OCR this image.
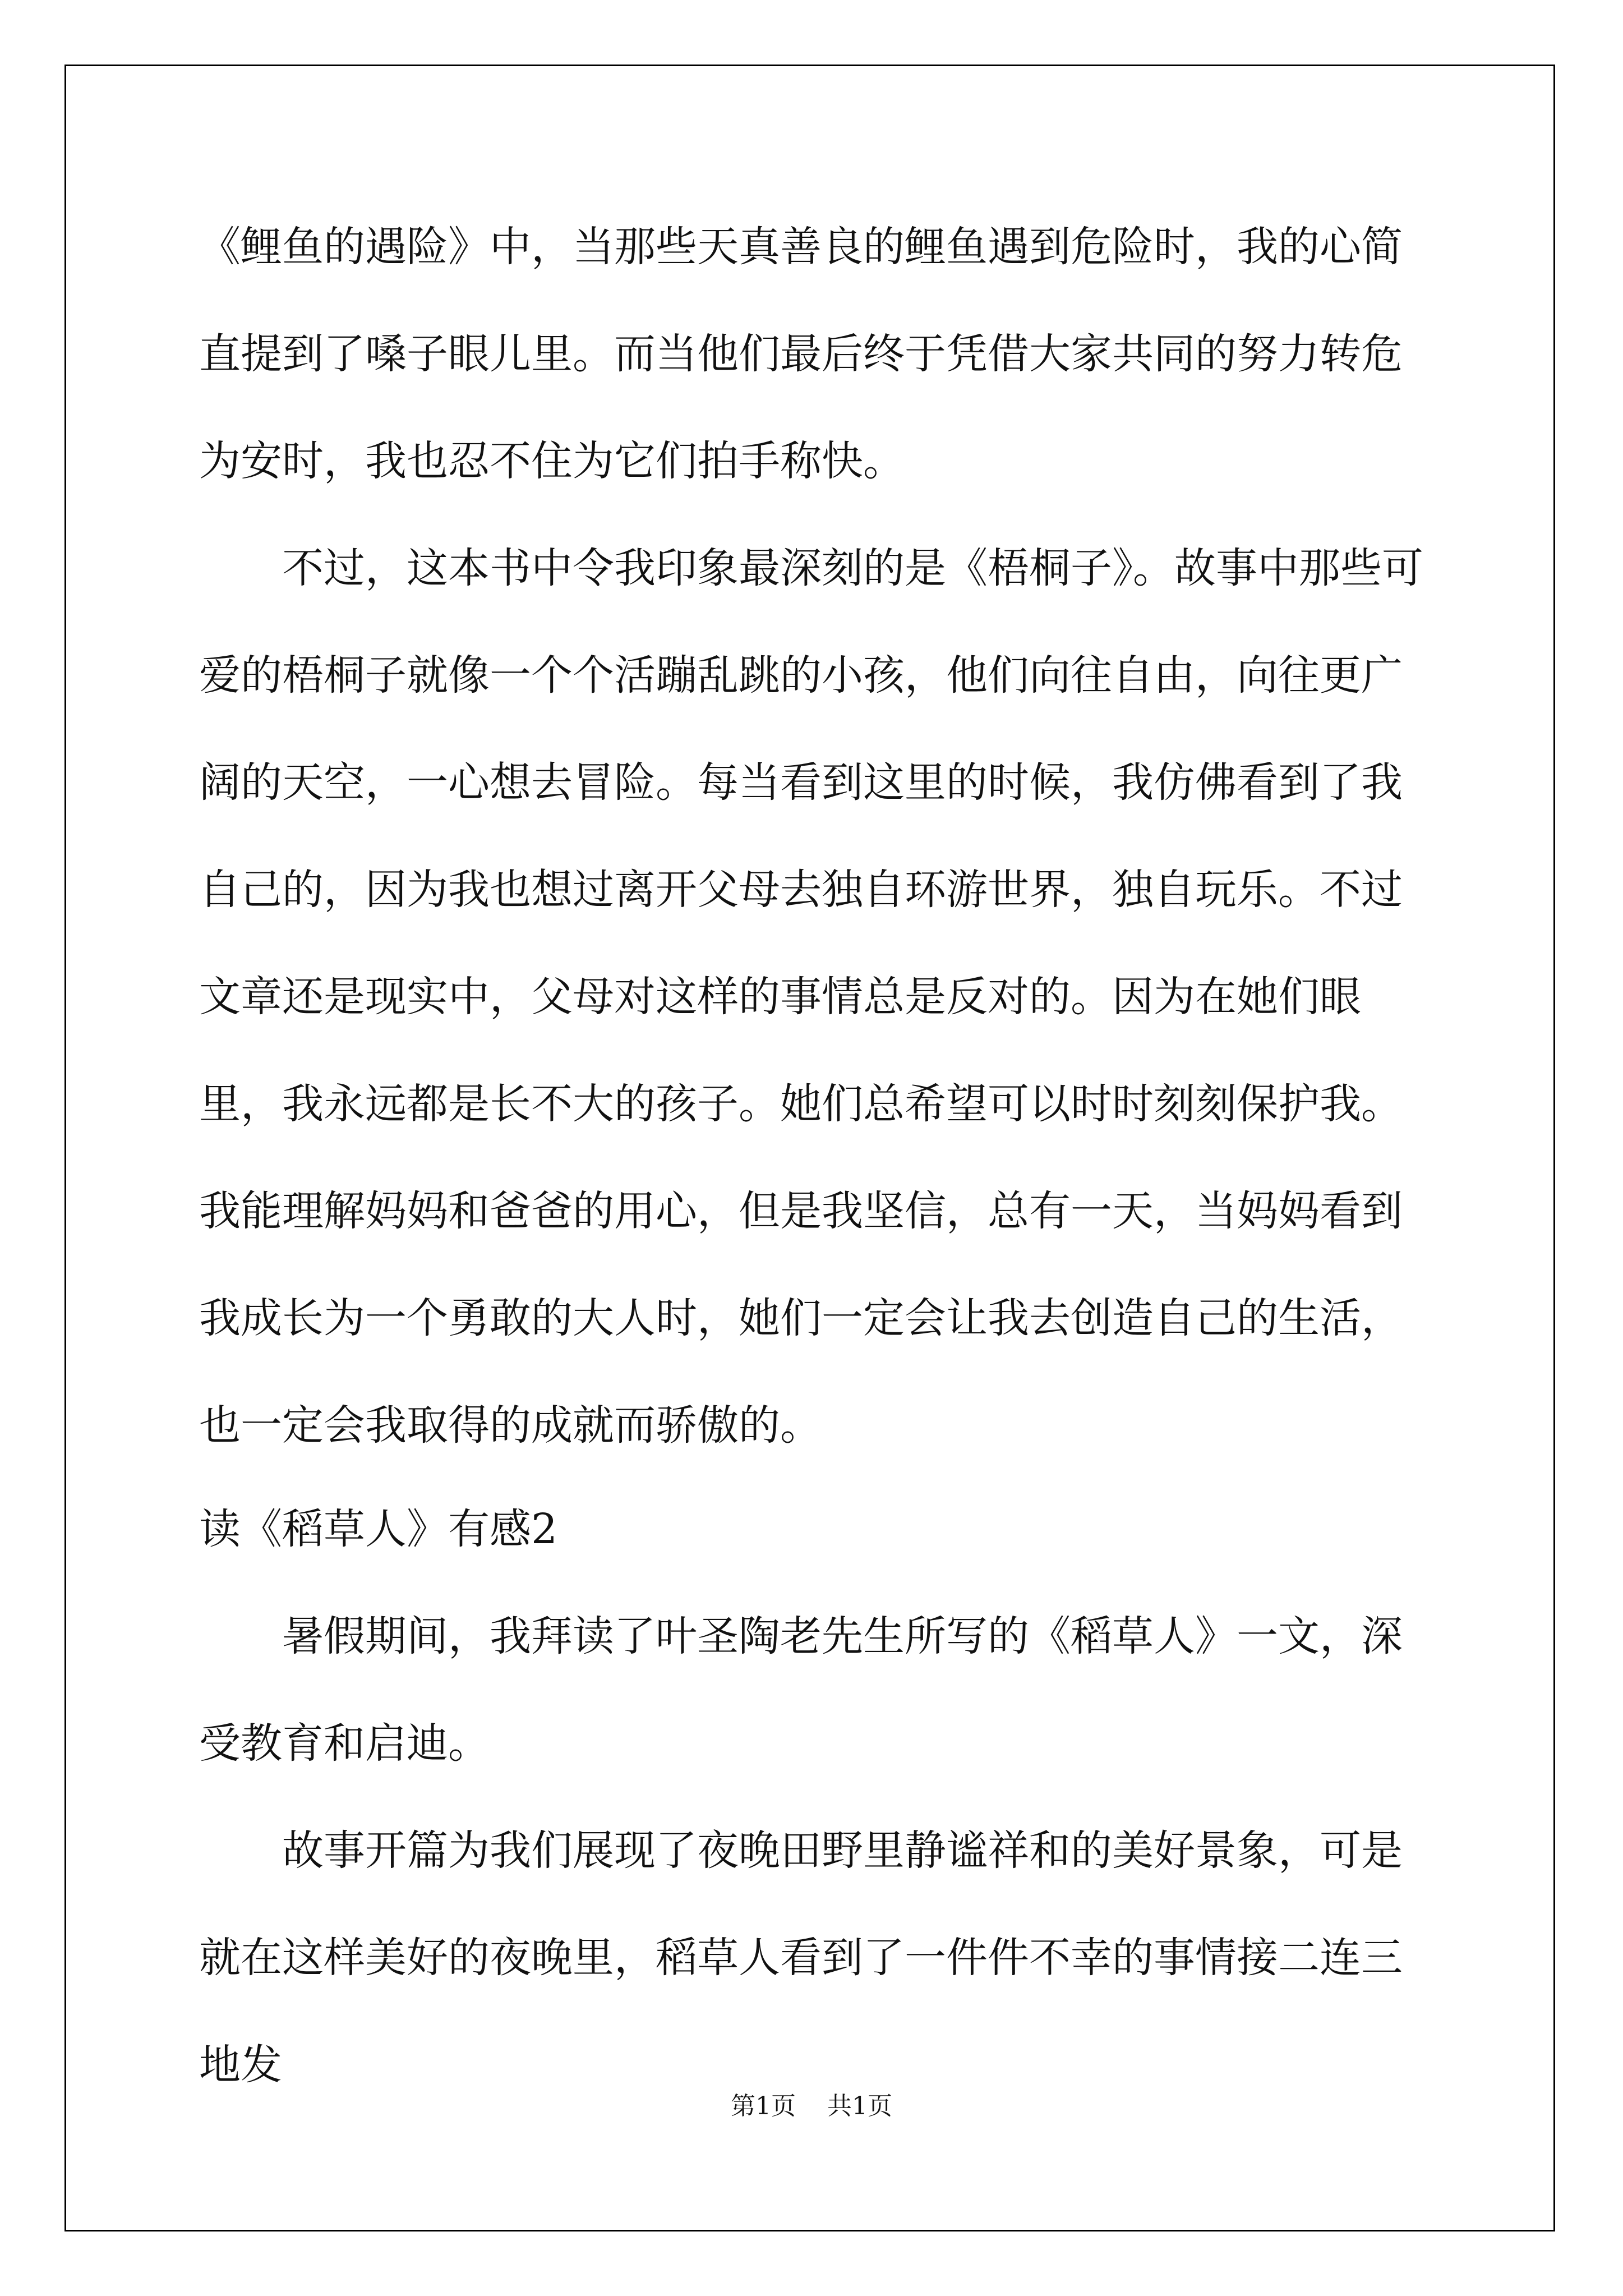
《鲤鱼的遇险》中，当那些天真善良的鲤鱼遇到危险时，我的心简直提到了嗓子眼儿里。而当他们最后终于凭借大家共同的努力转危为安时，我也忍不住为它们拍手称快。

不过，这本书中令我印象最深刻的是《梧桐子》。故事中那些可爱的梧桐子就像一个个活蹦乱跳的小孩，他们向往自由，向往更广阔的天空，一心想去冒险。每当看到这里的时候，我仿佛看到了我自己的，因为我也想过离开父母去独自环游世界，独自玩乐。不过文章还是现实中，父母对这样的事情总是反对的。因为在她们眼里，我永远都是长不大的孩子。她们总希望可以时时刻刻保护我。我能理解妈妈和爸爸的用心，但是我坚信，总有一天，当妈妈看到我成长为一个勇敢的大人时，她们一定会让我去创造自己的生活，也一定会我取得的成就而骄傲的。

读《稻草人》有感2

暑假期间，我拜读了叶圣陶老先生所写的《稻草人》一文，深受教育和启迪。

故事开篇为我们展现了夜晚田野里静谧祥和的美好景象，可是就在这样美好的夜晚里，稻草人看到了一件件不幸的事情接二连三地发

第1页 共1页
